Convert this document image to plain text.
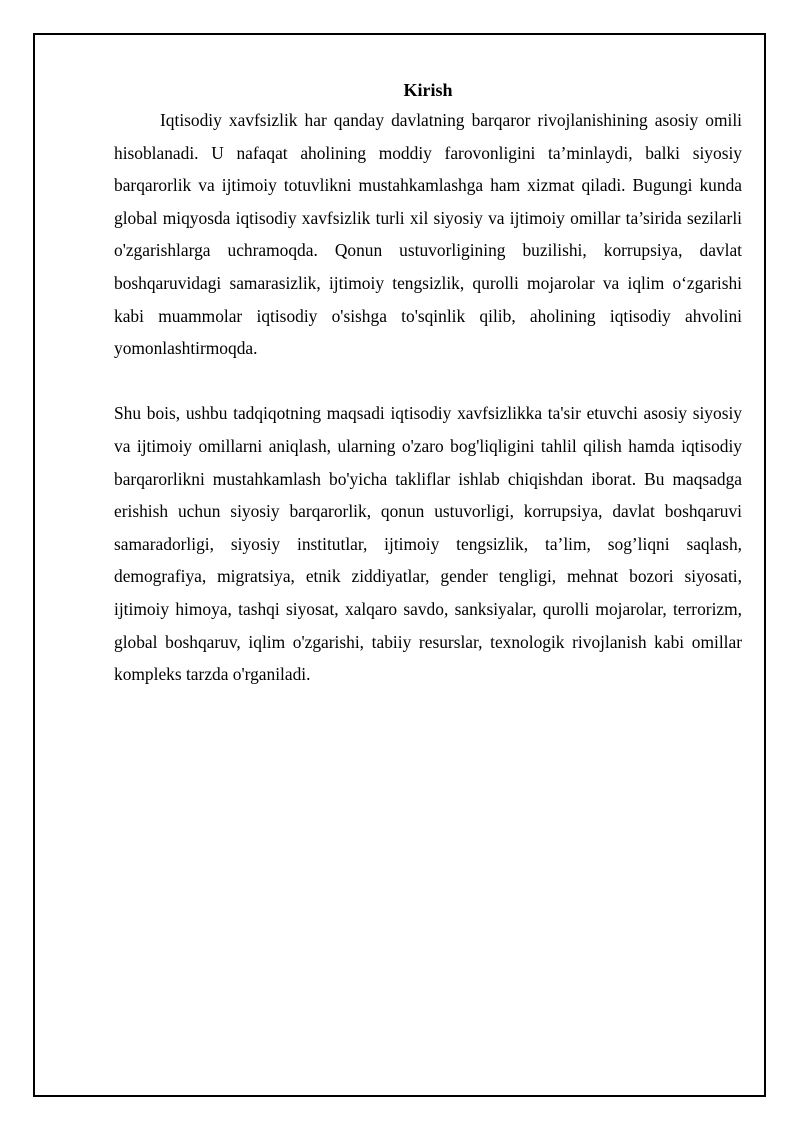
Kirish

Iqtisodiy xavfsizlik har qanday davlatning barqaror rivojlanishining asosiy omili hisoblanadi. U nafaqat aholining moddiy farovonligini ta’minlaydi, balki siyosiy barqarorlik va ijtimoiy totuvlikni mustahkamlashga ham xizmat qiladi. Bugungi kunda global miqyosda iqtisodiy xavfsizlik turli xil siyosiy va ijtimoiy omillar ta’sirida sezilarli o'zgarishlarga uchramoqda. Qonun ustuvorligining buzilishi, korrupsiya, davlat boshqaruvidagi samarasizlik, ijtimoiy tengsizlik, qurolli mojarolar va iqlim o‘zgarishi kabi muammolar iqtisodiy o'sishga to'sqinlik qilib, aholining iqtisodiy ahvolini yomonlashtirmoqda.

Shu bois, ushbu tadqiqotning maqsadi iqtisodiy xavfsizlikka ta'sir etuvchi asosiy siyosiy va ijtimoiy omillarni aniqlash, ularning o'zaro bog'liqligini tahlil qilish hamda iqtisodiy barqarorlikni mustahkamlash bo'yicha takliflar ishlab chiqishdan iborat. Bu maqsadga erishish uchun siyosiy barqarorlik, qonun ustuvorligi, korrupsiya, davlat boshqaruvi samaradorligi, siyosiy institutlar, ijtimoiy tengsizlik, ta’lim, sog’liqni saqlash, demografiya, migratsiya, etnik ziddiyatlar, gender tengligi, mehnat bozori siyosati, ijtimoiy himoya, tashqi siyosat, xalqaro savdo, sanksiyalar, qurolli mojarolar, terrorizm, global boshqaruv, iqlim o'zgarishi, tabiiy resurslar, texnologik rivojlanish kabi omillar kompleks tarzda o'rganiladi.
